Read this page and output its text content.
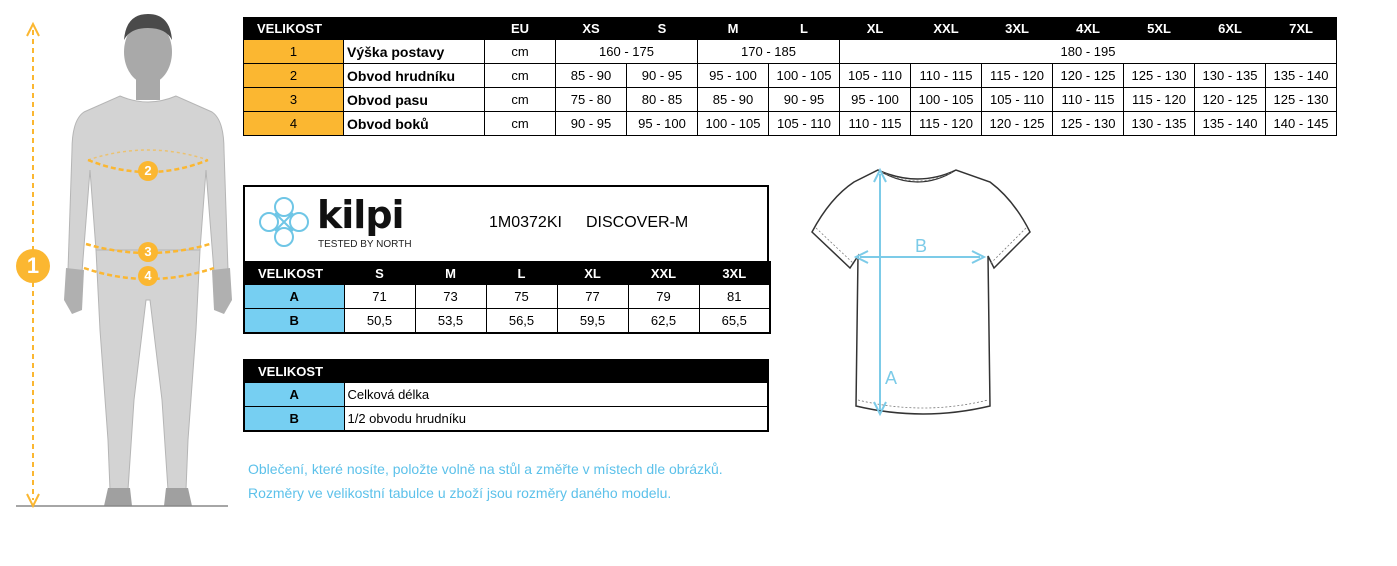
1
2
3
4
VELIKOST		EU	XS	S	M	L	XL	XXL	3XL	4XL	5XL	6XL	7XL
1	Výška postavy	cm	160 - 175		170 - 185		180 - 195						
2	Obvod hrudníku	cm	85 - 90	90 - 95	95 - 100	100 - 105	105 - 110	110 - 115	115 - 120	120 - 125	125 - 130	130 - 135	135 - 140
3	Obvod pasu	cm	75 - 80	80 - 85	85 - 90	90 - 95	95 - 100	100 - 105	105 - 110	110 - 115	115 - 120	120 - 125	125 - 130
4	Obvod boků	cm	90 - 95	95 - 100	100 - 105	105 - 110	110 - 115	115 - 120	120 - 125	125 - 130	130 - 135	135 - 140	140 - 145
kilpi
TESTED BY NORTH
1M0372KI DISCOVER-M
VELIKOST	S	M	L	XL	XXL	3XL
A	71	73	75	77	79	81
B	50,5	53,5	56,5	59,5	62,5	65,5
VELIKOST	
A	Celková délka
B	1/2 obvodu hrudníku
B
A
Oblečení, které nosíte, položte volně na stůl a změřte v místech dle obrázků.
Rozměry ve velikostní tabulce u zboží jsou rozměry daného modelu.
